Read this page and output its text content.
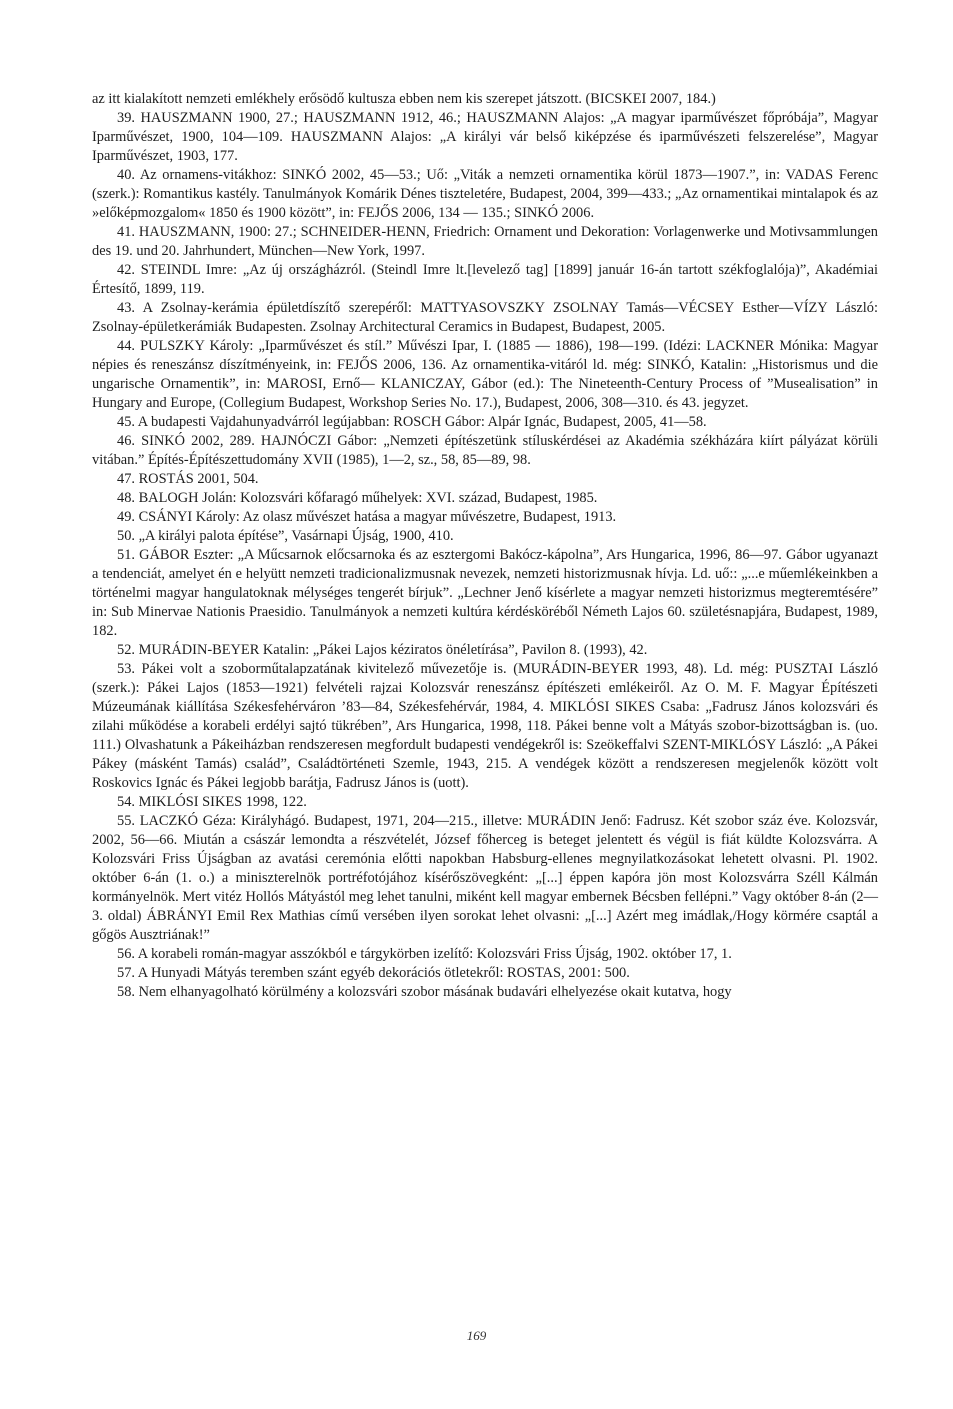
az itt kialakított nemzeti emlékhely erősödő kultusza ebben nem kis szerepet játszott. (BICSKEI 2007, 184.)

39. HAUSZMANN 1900, 27.; HAUSZMANN 1912, 46.; HAUSZMANN Alajos: „A magyar iparművészet főpróbája”, Magyar Iparművészet, 1900, 104—109. HAUSZMANN Alajos: „A királyi vár belső kiképzése és iparművészeti felszerelése”, Magyar Iparművészet, 1903, 177.

40. Az ornamens-vitákhoz: SINKÓ 2002, 45—53.; Uő: „Viták a nemzeti ornamentika körül 1873—1907.”, in: VADAS Ferenc (szerk.): Romantikus kastély. Tanulmányok Komárik Dénes tiszteletére, Budapest, 2004, 399—433.; „Az ornamentikai mintalapok és az »előképmozgalom« 1850 és 1900 között”, in: FEJŐS 2006, 134 — 135.; SINKÓ 2006.

41. HAUSZMANN, 1900: 27.; SCHNEIDER-HENN, Friedrich: Ornament und Dekoration: Vorlagenwerke und Motivsammlungen des 19. und 20. Jahrhundert, München—New York, 1997.

42. STEINDL Imre: „Az új országházról. (Steindl Imre lt.[levelező tag] [1899] január 16-án tartott székfoglalója)”, Akadémiai Értesítő, 1899, 119.

43. A Zsolnay-kerámia épületdíszítő szerepéről: MATTYASOVSZKY ZSOLNAY Tamás—VÉCSEY Esther—VÍZY László: Zsolnay-épületkerámiák Budapesten. Zsolnay Architectural Ceramics in Budapest, Budapest, 2005.

44. PULSZKY Károly: „Iparművészet és stíl.” Művészi Ipar, I. (1885 — 1886), 198—199. (Idézi: LACKNER Mónika: Magyar népies és reneszánsz díszítményeink, in: FEJŐS 2006, 136. Az ornamentika-vitáról ld. még: SINKÓ, Katalin: „Historismus und die ungarische Ornamentik”, in: MAROSI, Ernő— KLANICZAY, Gábor (ed.): The Nineteenth-Century Process of ”Musealisation” in Hungary and Europe, (Collegium Budapest, Workshop Series No. 17.), Budapest, 2006, 308—310. és 43. jegyzet.

45. A budapesti Vajdahunyadvárról legújabban: ROSCH Gábor: Alpár Ignác, Budapest, 2005, 41—58.

46. SINKÓ 2002, 289. HAJNÓCZI Gábor: „Nemzeti építészetünk stíluskérdései az Akadémia székházára kiírt pályázat körüli vitában.” Építés-Építészettudomány XVII (1985), 1—2, sz., 58, 85—89, 98.

47. ROSTÁS 2001, 504.

48. BALOGH Jolán: Kolozsvári kőfaragó műhelyek: XVI. század, Budapest, 1985.

49. CSÁNYI Károly: Az olasz művészet hatása a magyar művészetre, Budapest, 1913.

50. „A királyi palota építése”, Vasárnapi Újság, 1900, 410.

51. GÁBOR Eszter: „A Műcsarnok előcsarnoka és az esztergomi Bakócz-kápolna”, Ars Hungarica, 1996, 86—97. Gábor ugyanazt a tendenciát, amelyet én e helyütt nemzeti tradicionalizmusnak nevezek, nemzeti historizmusnak hívja. Ld. uő:: „...e műemlékeinkben a történelmi magyar hangulatoknak mélységes tengerét bírjuk”. „Lechner Jenő kísérlete a magyar nemzeti historizmus megteremtésére” in: Sub Minervae Nationis Praesidio. Tanulmányok a nemzeti kultúra kérdésköréből Németh Lajos 60. születésnapjára, Budapest, 1989, 182.

52. MURÁDIN-BEYER Katalin: „Pákei Lajos kéziratos önéletírása”, Pavilon 8. (1993), 42.

53. Pákei volt a szoborműtalapzatának kivitelező művezetője is. (MURÁDIN-BEYER 1993, 48). Ld. még: PUSZTAI László (szerk.): Pákei Lajos (1853—1921) felvételi rajzai Kolozsvár reneszánsz építészeti emlékeiről. Az O. M. F. Magyar Építészeti Múzeumának kiállítása Székesfehérváron ’83—84, Székesfehérvár, 1984, 4. MIKLÓSI SIKES Csaba: „Fadrusz János kolozsvári és zilahi működése a korabeli erdélyi sajtó tükrében”, Ars Hungarica, 1998, 118. Pákei benne volt a Mátyás szobor-bizottságban is. (uo. 111.) Olvashatunk a Pákeiházban rendszeresen megfordult budapesti vendégekről is: Szeökeffalvi SZENT-MIKLÓSY László: „A Pákei Pákey (másként Tamás) család”, Családtörténeti Szemle, 1943, 215. A vendégek között a rendszeresen megjelenők között volt Roskovics Ignác és Pákei legjobb barátja, Fadrusz János is (uott).

54. MIKLÓSI SIKES 1998, 122.

55. LACZKÓ Géza: Királyhágó. Budapest, 1971, 204—215., illetve: MURÁDIN Jenő: Fadrusz. Két szobor száz éve. Kolozsvár, 2002, 56—66. Miután a császár lemondta a részvételét, József főherceg is beteget jelentett és végül is fiát küldte Kolozsvárra. A Kolozsvári Friss Újságban az avatási ceremónia előtti napokban Habsburg-ellenes megnyilatkozásokat lehetett olvasni. Pl. 1902. október 6-án (1. o.) a miniszterelnök portréfotójához kísérőszövegként: „[...] éppen kapóra jön most Kolozsvárra Széll Kálmán kormányelnök. Mert vitéz Hollós Mátyástól meg lehet tanulni, miként kell magyar embernek Bécsben fellépni.” Vagy október 8-án (2—3. oldal) ÁBRÁNYI Emil Rex Mathias című versében ilyen sorokat lehet olvasni: „[...] Azért meg imádlak,/Hogy körmére csaptál a gőgös Ausztriának!”

56. A korabeli román-magyar asszókból e tárgykörben izelítő: Kolozsvári Friss Újság, 1902. október 17, 1.

57. A Hunyadi Mátyás teremben szánt egyéb dekorációs ötletekről: ROSTAS, 2001: 500.

58. Nem elhanyagolható körülmény a kolozsvári szobor másának budavári elhelyezése okait kutatva, hogy

169
